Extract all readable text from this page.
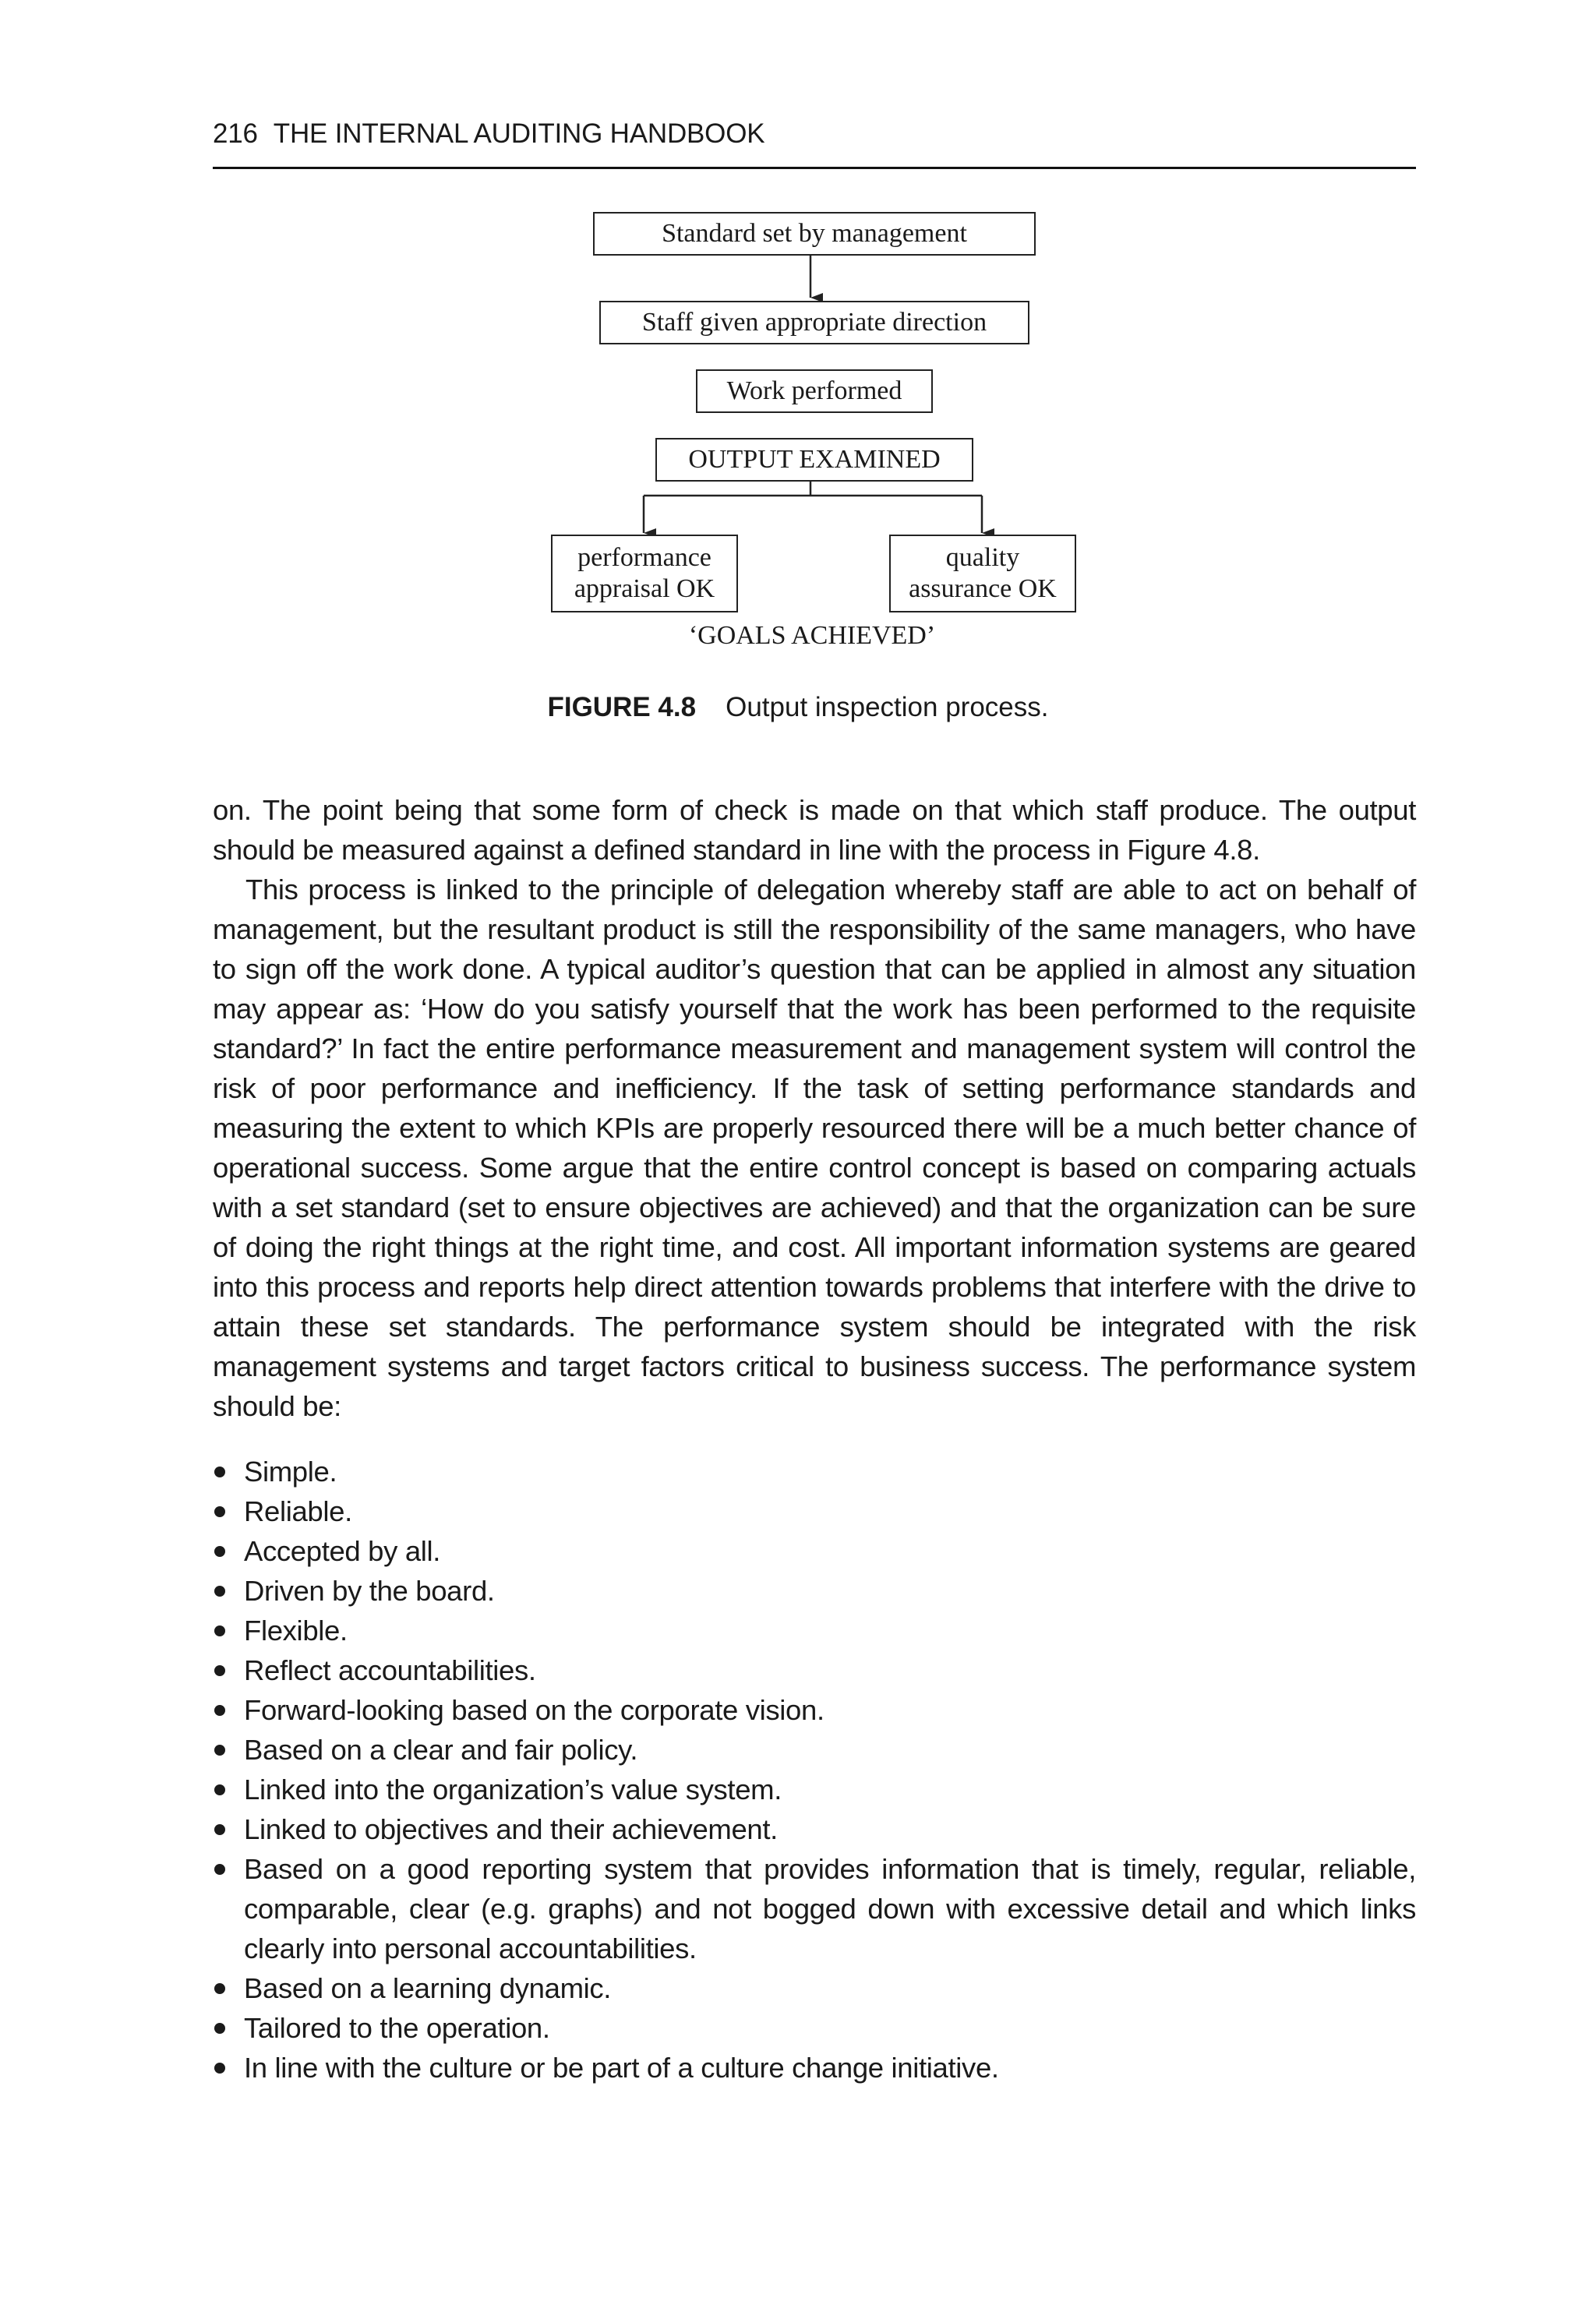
216 THE INTERNAL AUDITING HANDBOOK
Standard set by management
Staff given appropriate direction
Work performed
OUTPUT EXAMINED
performance
appraisal OK
quality
assurance OK
‘GOALS ACHIEVED’
FIGURE 4.8 Output inspection process.

on. The point being that some form of check is made on that which staff produce. The output should be measured against a defined standard in line with the process in Figure 4.8.

This process is linked to the principle of delegation whereby staff are able to act on behalf of management, but the resultant product is still the responsibility of the same managers, who have to sign off the work done. A typical auditor’s question that can be applied in almost any situation may appear as: ‘How do you satisfy yourself that the work has been performed to the requisite standard?’ In fact the entire performance measurement and management system will control the risk of poor performance and inefficiency. If the task of setting performance standards and measuring the extent to which KPIs are properly resourced there will be a much better chance of operational success. Some argue that the entire control concept is based on comparing actuals with a set standard (set to ensure objectives are achieved) and that the organization can be sure of doing the right things at the right time, and cost. All important information systems are geared into this process and reports help direct attention towards problems that interfere with the drive to attain these set standards. The performance system should be integrated with the risk management systems and target factors critical to business success. The performance system should be:

Simple.
Reliable.
Accepted by all.
Driven by the board.
Flexible.
Reflect accountabilities.
Forward-looking based on the corporate vision.
Based on a clear and fair policy.
Linked into the organization’s value system.
Linked to objectives and their achievement.
Based on a good reporting system that provides information that is timely, regular, reliable, comparable, clear (e.g. graphs) and not bogged down with excessive detail and which links clearly into personal accountabilities.
Based on a learning dynamic.
Tailored to the operation.
In line with the culture or be part of a culture change initiative.
